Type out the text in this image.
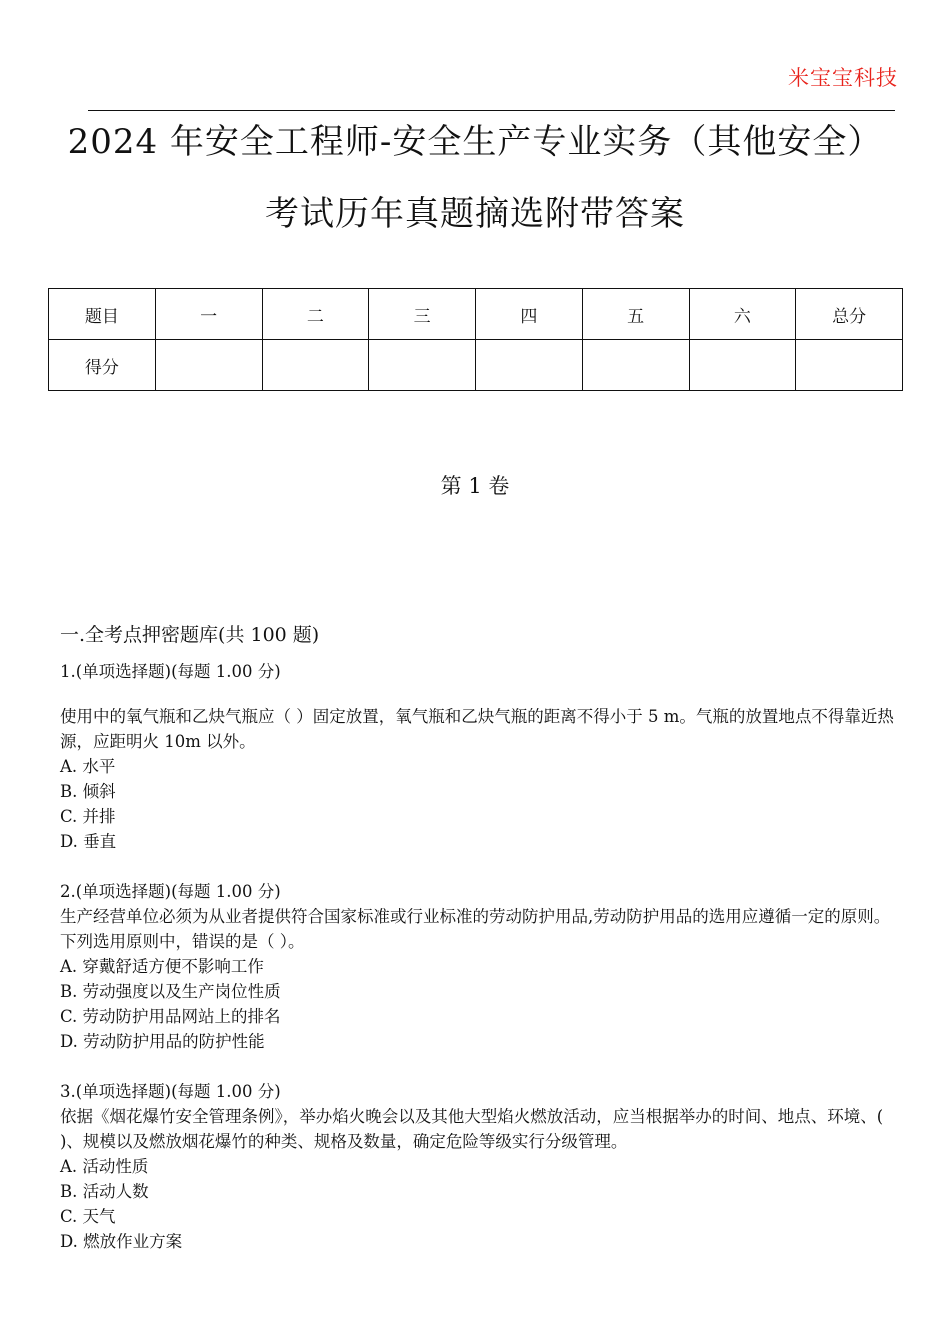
米宝宝科技
2024 年安全工程师-安全生产专业实务（其他安全）
考试历年真题摘选附带答案
题目	一	二	三	四	五	六	总分
得分							
第 1 卷
一.全考点押密题库(共 100 题)
1.(单项选择题)(每题 1.00 分)

使用中的氧气瓶和乙炔气瓶应（ ）固定放置，氧气瓶和乙炔气瓶的距离不得小于 5 m。气瓶的放置地点不得靠近热源，应距明火 10m 以外。

A. 水平

B. 倾斜

C. 并排

D. 垂直

2.(单项选择题)(每题 1.00 分)

生产经营单位必须为从业者提供符合国家标准或行业标准的劳动防护用品,劳动防护用品的选用应遵循一定的原则。下列选用原则中，错误的是（ ）。

A. 穿戴舒适方便不影响工作

B. 劳动强度以及生产岗位性质

C. 劳动防护用品网站上的排名

D. 劳动防护用品的防护性能

3.(单项选择题)(每题 1.00 分)

依据《烟花爆竹安全管理条例》，举办焰火晚会以及其他大型焰火燃放活动，应当根据举办的时间、地点、环境、( )、规模以及燃放烟花爆竹的种类、规格及数量，确定危险等级实行分级管理。

A. 活动性质

B. 活动人数

C. 天气

D. 燃放作业方案
